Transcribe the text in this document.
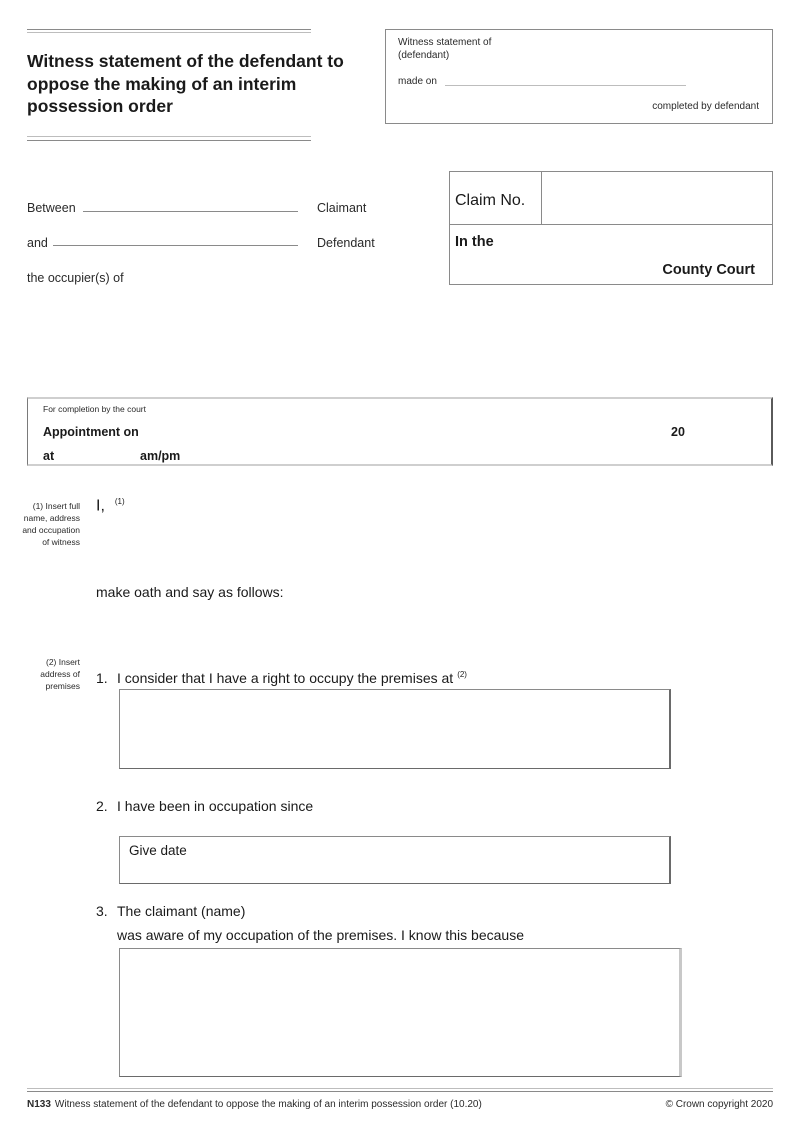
Witness statement of the defendant to oppose the making of an interim possession order
Witness statement of
(defendant)
made on
completed by defendant
Between	Claimant
and	Defendant
the occupier(s) of
Claim No.
In the
County Court
For completion by the court
Appointment on	20
at	am/pm
(1) Insert full name, address and occupation of witness
I, $^{(1)}$
make oath and say as follows:
(2) Insert address of premises 1. I consider that I have a right to occupy the premises at $^{(2)}$
2. I have been in occupation since
Give date
3. The claimant (name)
was aware of my occupation of the premises. I know this because
N133 Witness statement of the defendant to oppose the making of an interim possession order (10.20)	© Crown copyright 2020
